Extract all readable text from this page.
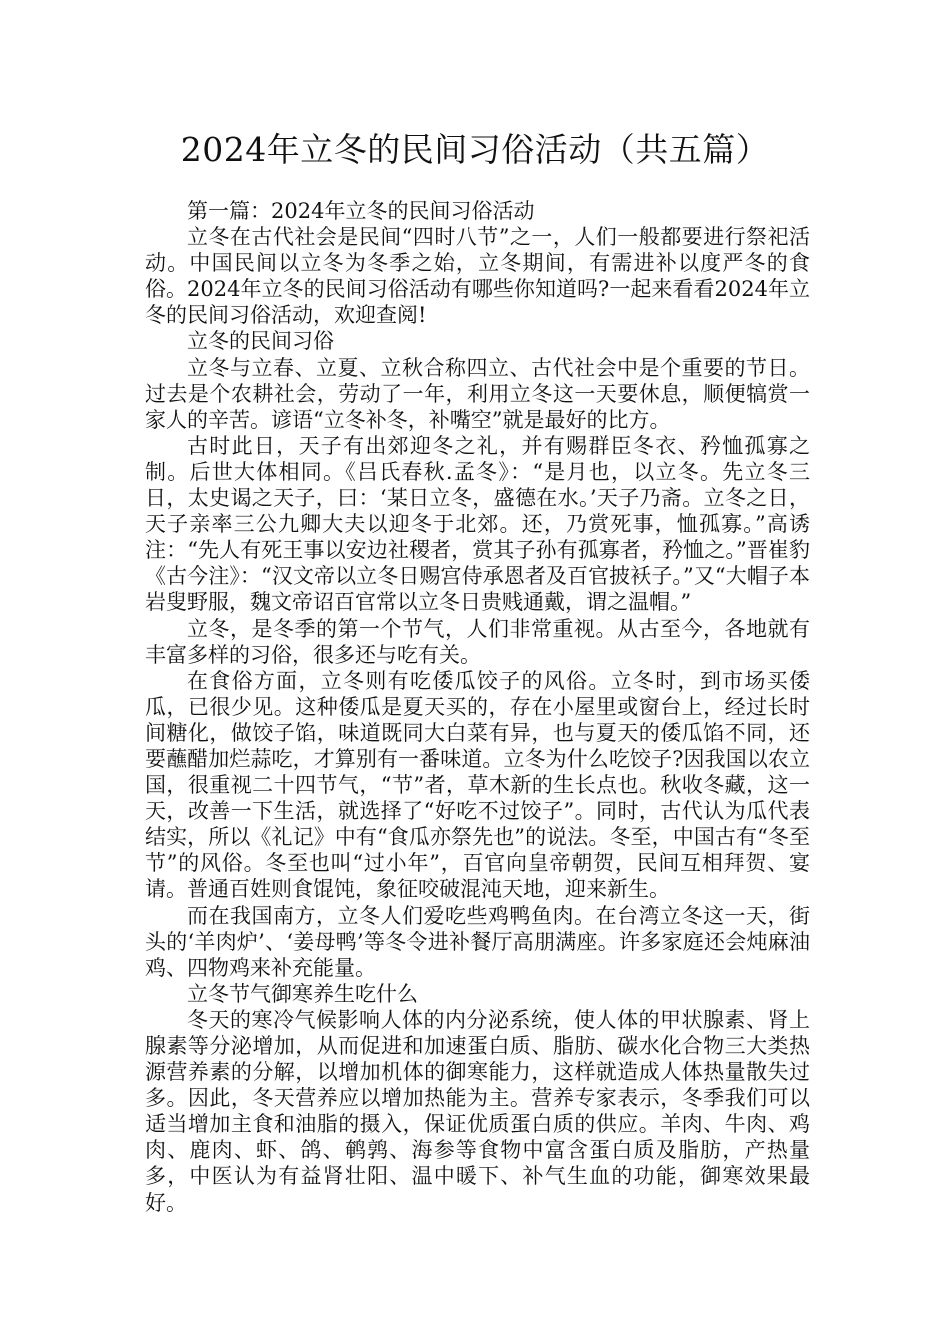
2024年立冬的民间习俗活动（共五篇）

第一篇：2024年立冬的民间习俗活动

立冬在古代社会是民间“四时八节”之一，人们一般都要进行祭祀活动。中国民间以立冬为冬季之始，立冬期间，有需进补以度严冬的食俗。2024年立冬的民间习俗活动有哪些你知道吗?一起来看看2024年立冬的民间习俗活动，欢迎查阅!

立冬的民间习俗

立冬与立春、立夏、立秋合称四立、古代社会中是个重要的节日。过去是个农耕社会，劳动了一年，利用立冬这一天要休息，顺便犒赏一家人的辛苦。谚语“立冬补冬，补嘴空”就是最好的比方。

古时此日，天子有出郊迎冬之礼，并有赐群臣冬衣、矜恤孤寡之制。后世大体相同。《吕氏春秋.孟冬》：“是月也，以立冬。先立冬三日，太史谒之天子，曰：‘某日立冬，盛德在水。’天子乃斋。立冬之日，天子亲率三公九卿大夫以迎冬于北郊。还，乃赏死事，恤孤寡。”高诱注：“先人有死王事以安边社稷者，赏其子孙有孤寡者，矜恤之。”晋崔豹《古今注》：“汉文帝以立冬日赐宫侍承恩者及百官披袄子。”又“大帽子本岩叟野服，魏文帝诏百官常以立冬日贵贱通戴，谓之温帽。”

立冬，是冬季的第一个节气，人们非常重视。从古至今，各地就有丰富多样的习俗，很多还与吃有关。

在食俗方面，立冬则有吃倭瓜饺子的风俗。立冬时，到市场买倭瓜，已很少见。这种倭瓜是夏天买的，存在小屋里或窗台上，经过长时间糖化，做饺子馅，味道既同大白菜有异，也与夏天的倭瓜馅不同，还要蘸醋加烂蒜吃，才算别有一番味道。立冬为什么吃饺子?因我国以农立国，很重视二十四节气，“节”者，草木新的生长点也。秋收冬藏，这一天，改善一下生活，就选择了“好吃不过饺子”。同时，古代认为瓜代表结实，所以《礼记》中有“食瓜亦祭先也”的说法。冬至，中国古有“冬至节”的风俗。冬至也叫“过小年”，百官向皇帝朝贺，民间互相拜贺、宴请。普通百姓则食馄饨，象征咬破混沌天地，迎来新生。

而在我国南方，立冬人们爱吃些鸡鸭鱼肉。在台湾立冬这一天，街头的‘羊肉炉’、‘姜母鸭’等冬令进补餐厅高朋满座。许多家庭还会炖麻油鸡、四物鸡来补充能量。

立冬节气御寒养生吃什么

冬天的寒冷气候影响人体的内分泌系统，使人体的甲状腺素、肾上腺素等分泌增加，从而促进和加速蛋白质、脂肪、碳水化合物三大类热源营养素的分解，以增加机体的御寒能力，这样就造成人体热量散失过多。因此，冬天营养应以增加热能为主。营养专家表示，冬季我们可以适当增加主食和油脂的摄入，保证优质蛋白质的供应。羊肉、牛肉、鸡肉、鹿肉、虾、鸽、鹌鹑、海参等食物中富含蛋白质及脂肪，产热量多，中医认为有益肾壮阳、温中暖下、补气生血的功能，御寒效果最好。
